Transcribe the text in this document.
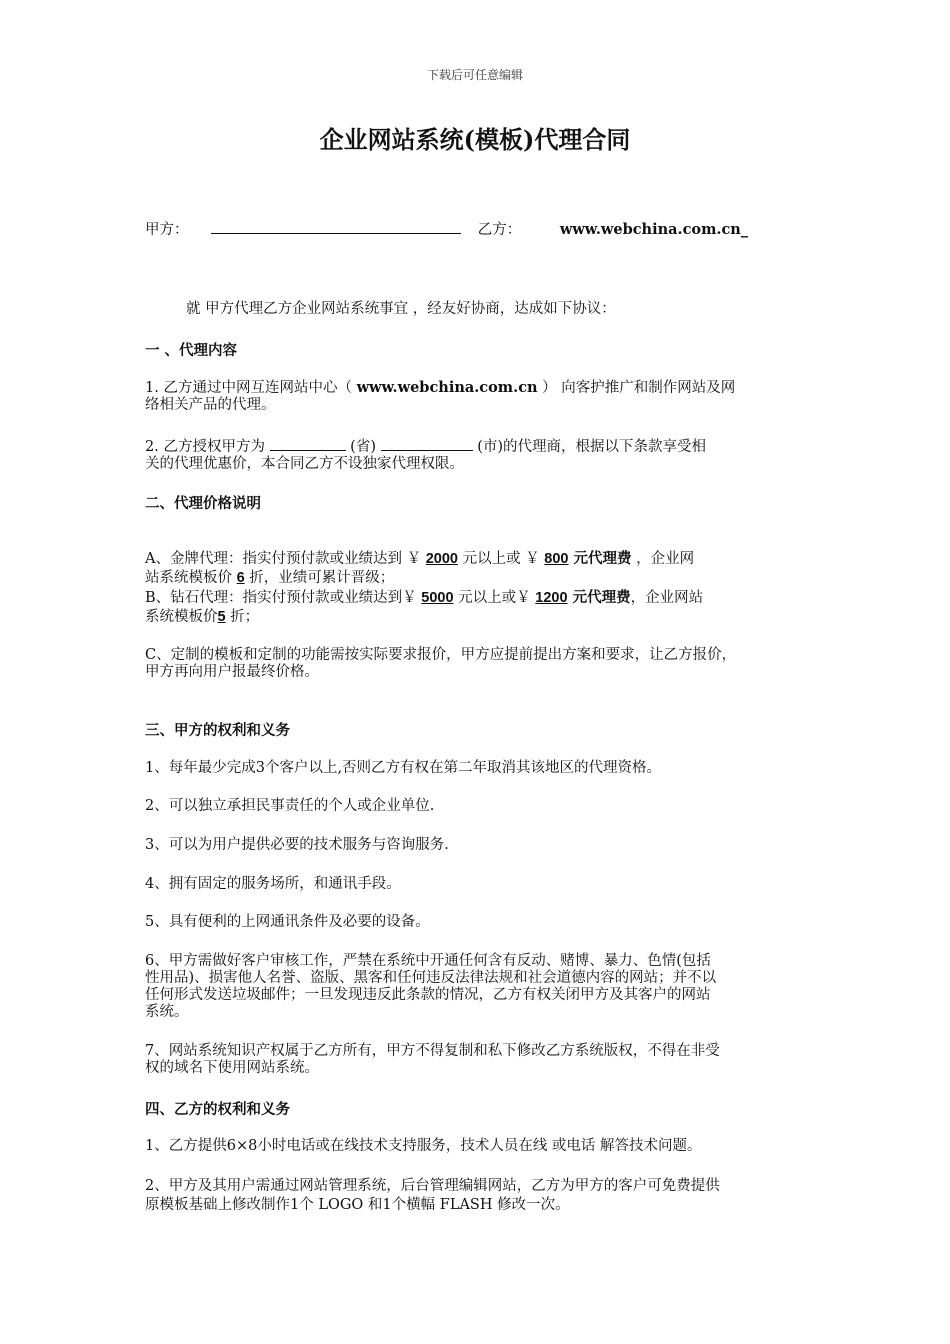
下载后可任意编辑
企业网站系统(模板)代理合同
甲方：	乙方：	www.webchina.com.cn_
就 甲方代理乙方企业网站系统事宜 ，经友好协商，达成如下协议：
一 、代理内容
1. 乙方通过中网互连网站中心（ www.webchina.com.cn ） 向客护推广和制作网站及网
络相关产品的代理。
2. 乙方授权甲方为	(省)	(市)的代理商，根据以下条款享受相
关的代理优惠价，本合同乙方不设独家代理权限。
二、代理价格说明
A、金牌代理：指实付预付款或业绩达到 ￥ 2000 元以上或 ￥ 800 元代理费 ，企业网
站系统模板价 6 折，业绩可累计晋级；
B、钻石代理：指实付预付款或业绩达到￥ 5000 元以上或￥ 1200 元代理费，企业网站
系统模板价5 折；
C、定制的模板和定制的功能需按实际要求报价，甲方应提前提出方案和要求，让乙方报价，
甲方再向用户报最终价格。
三、甲方的权利和义务
1、每年最少完成3个客户以上,否则乙方有权在第二年取消其该地区的代理资格。
2、可以独立承担民事责任的个人或企业单位.
3、可以为用户提供必要的技术服务与咨询服务.
4、拥有固定的服务场所，和通讯手段。
5、具有便利的上网通讯条件及必要的设备。
6、甲方需做好客户审核工作，严禁在系统中开通任何含有反动、赌博、暴力、色情(包括
性用品)、损害他人名誉、盗版、黑客和任何违反法律法规和社会道德内容的网站；并不以
任何形式发送垃圾邮件；一旦发现违反此条款的情况，乙方有权关闭甲方及其客户的网站
系统。
7、网站系统知识产权属于乙方所有，甲方不得复制和私下修改乙方系统版权，不得在非受
权的域名下使用网站系统。
四、乙方的权利和义务
1、乙方提供6×8小时电话或在线技术支持服务，技术人员在线 或电话 解答技术问题。
2、甲方及其用户需通过网站管理系统，后台管理编辑网站，乙方为甲方的客户可免费提供
原模板基础上修改制作1个 LOGO 和1个横幅 FLASH 修改一次。
